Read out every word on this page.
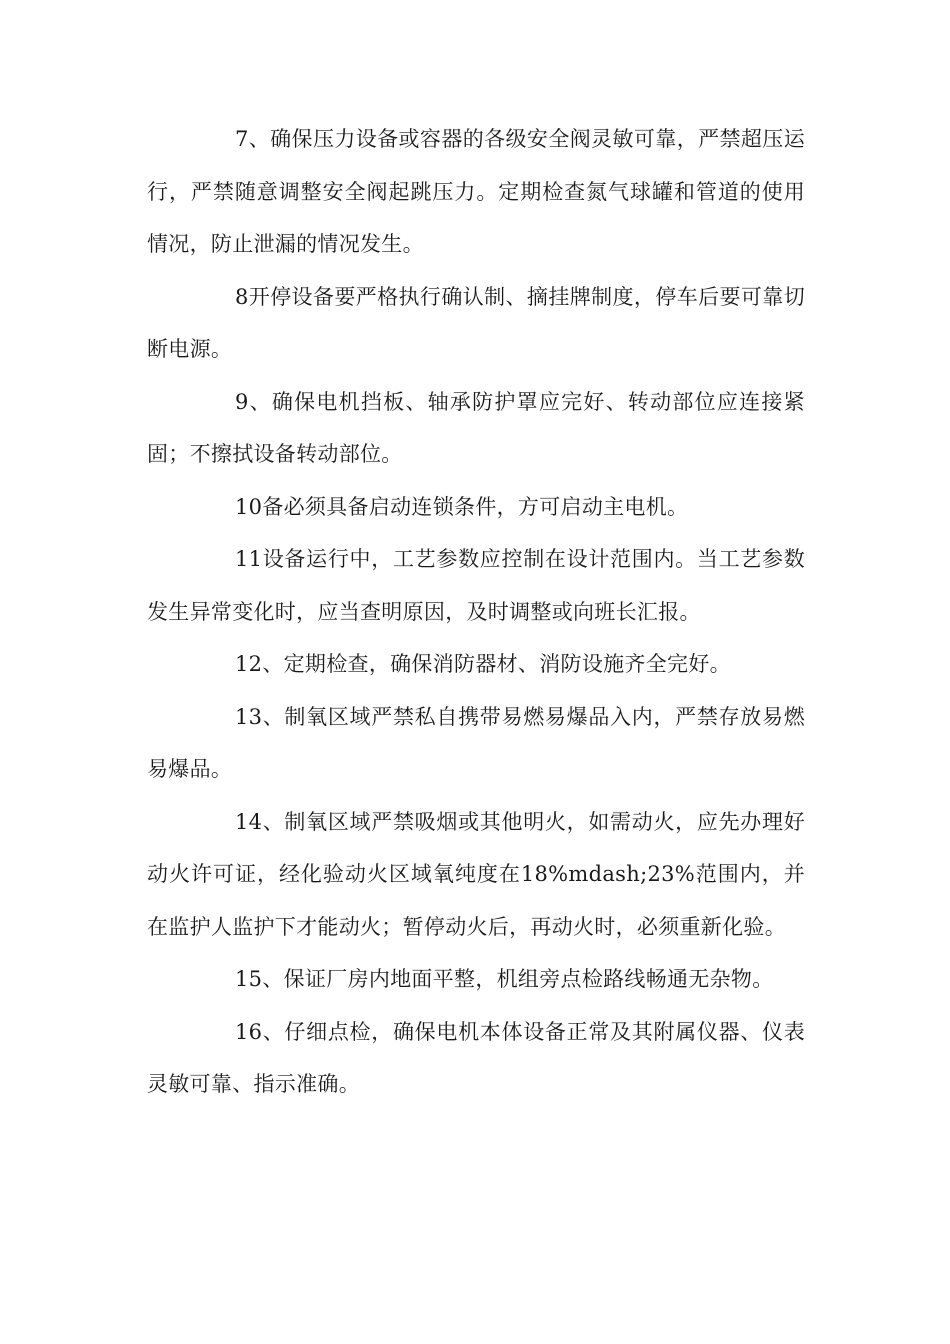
7、确保压力设备或容器的各级安全阀灵敏可靠，严禁超压运行，严禁随意调整安全阀起跳压力。定期检查氮气球罐和管道的使用情况，防止泄漏的情况发生。

8开停设备要严格执行确认制、摘挂牌制度，停车后要可靠切断电源。

9、确保电机挡板、轴承防护罩应完好、转动部位应连接紧固；不擦拭设备转动部位。

10备必须具备启动连锁条件，方可启动主电机。

11设备运行中，工艺参数应控制在设计范围内。当工艺参数发生异常变化时，应当查明原因，及时调整或向班长汇报。

12、定期检查，确保消防器材、消防设施齐全完好。

13、制氧区域严禁私自携带易燃易爆品入内，严禁存放易燃易爆品。

14、制氧区域严禁吸烟或其他明火，如需动火，应先办理好动火许可证，经化验动火区域氧纯度在18%mdash;23%范围内，并在监护人监护下才能动火；暂停动火后，再动火时，必须重新化验。

15、保证厂房内地面平整，机组旁点检路线畅通无杂物。

16、仔细点检，确保电机本体设备正常及其附属仪器、仪表灵敏可靠、指示准确。
